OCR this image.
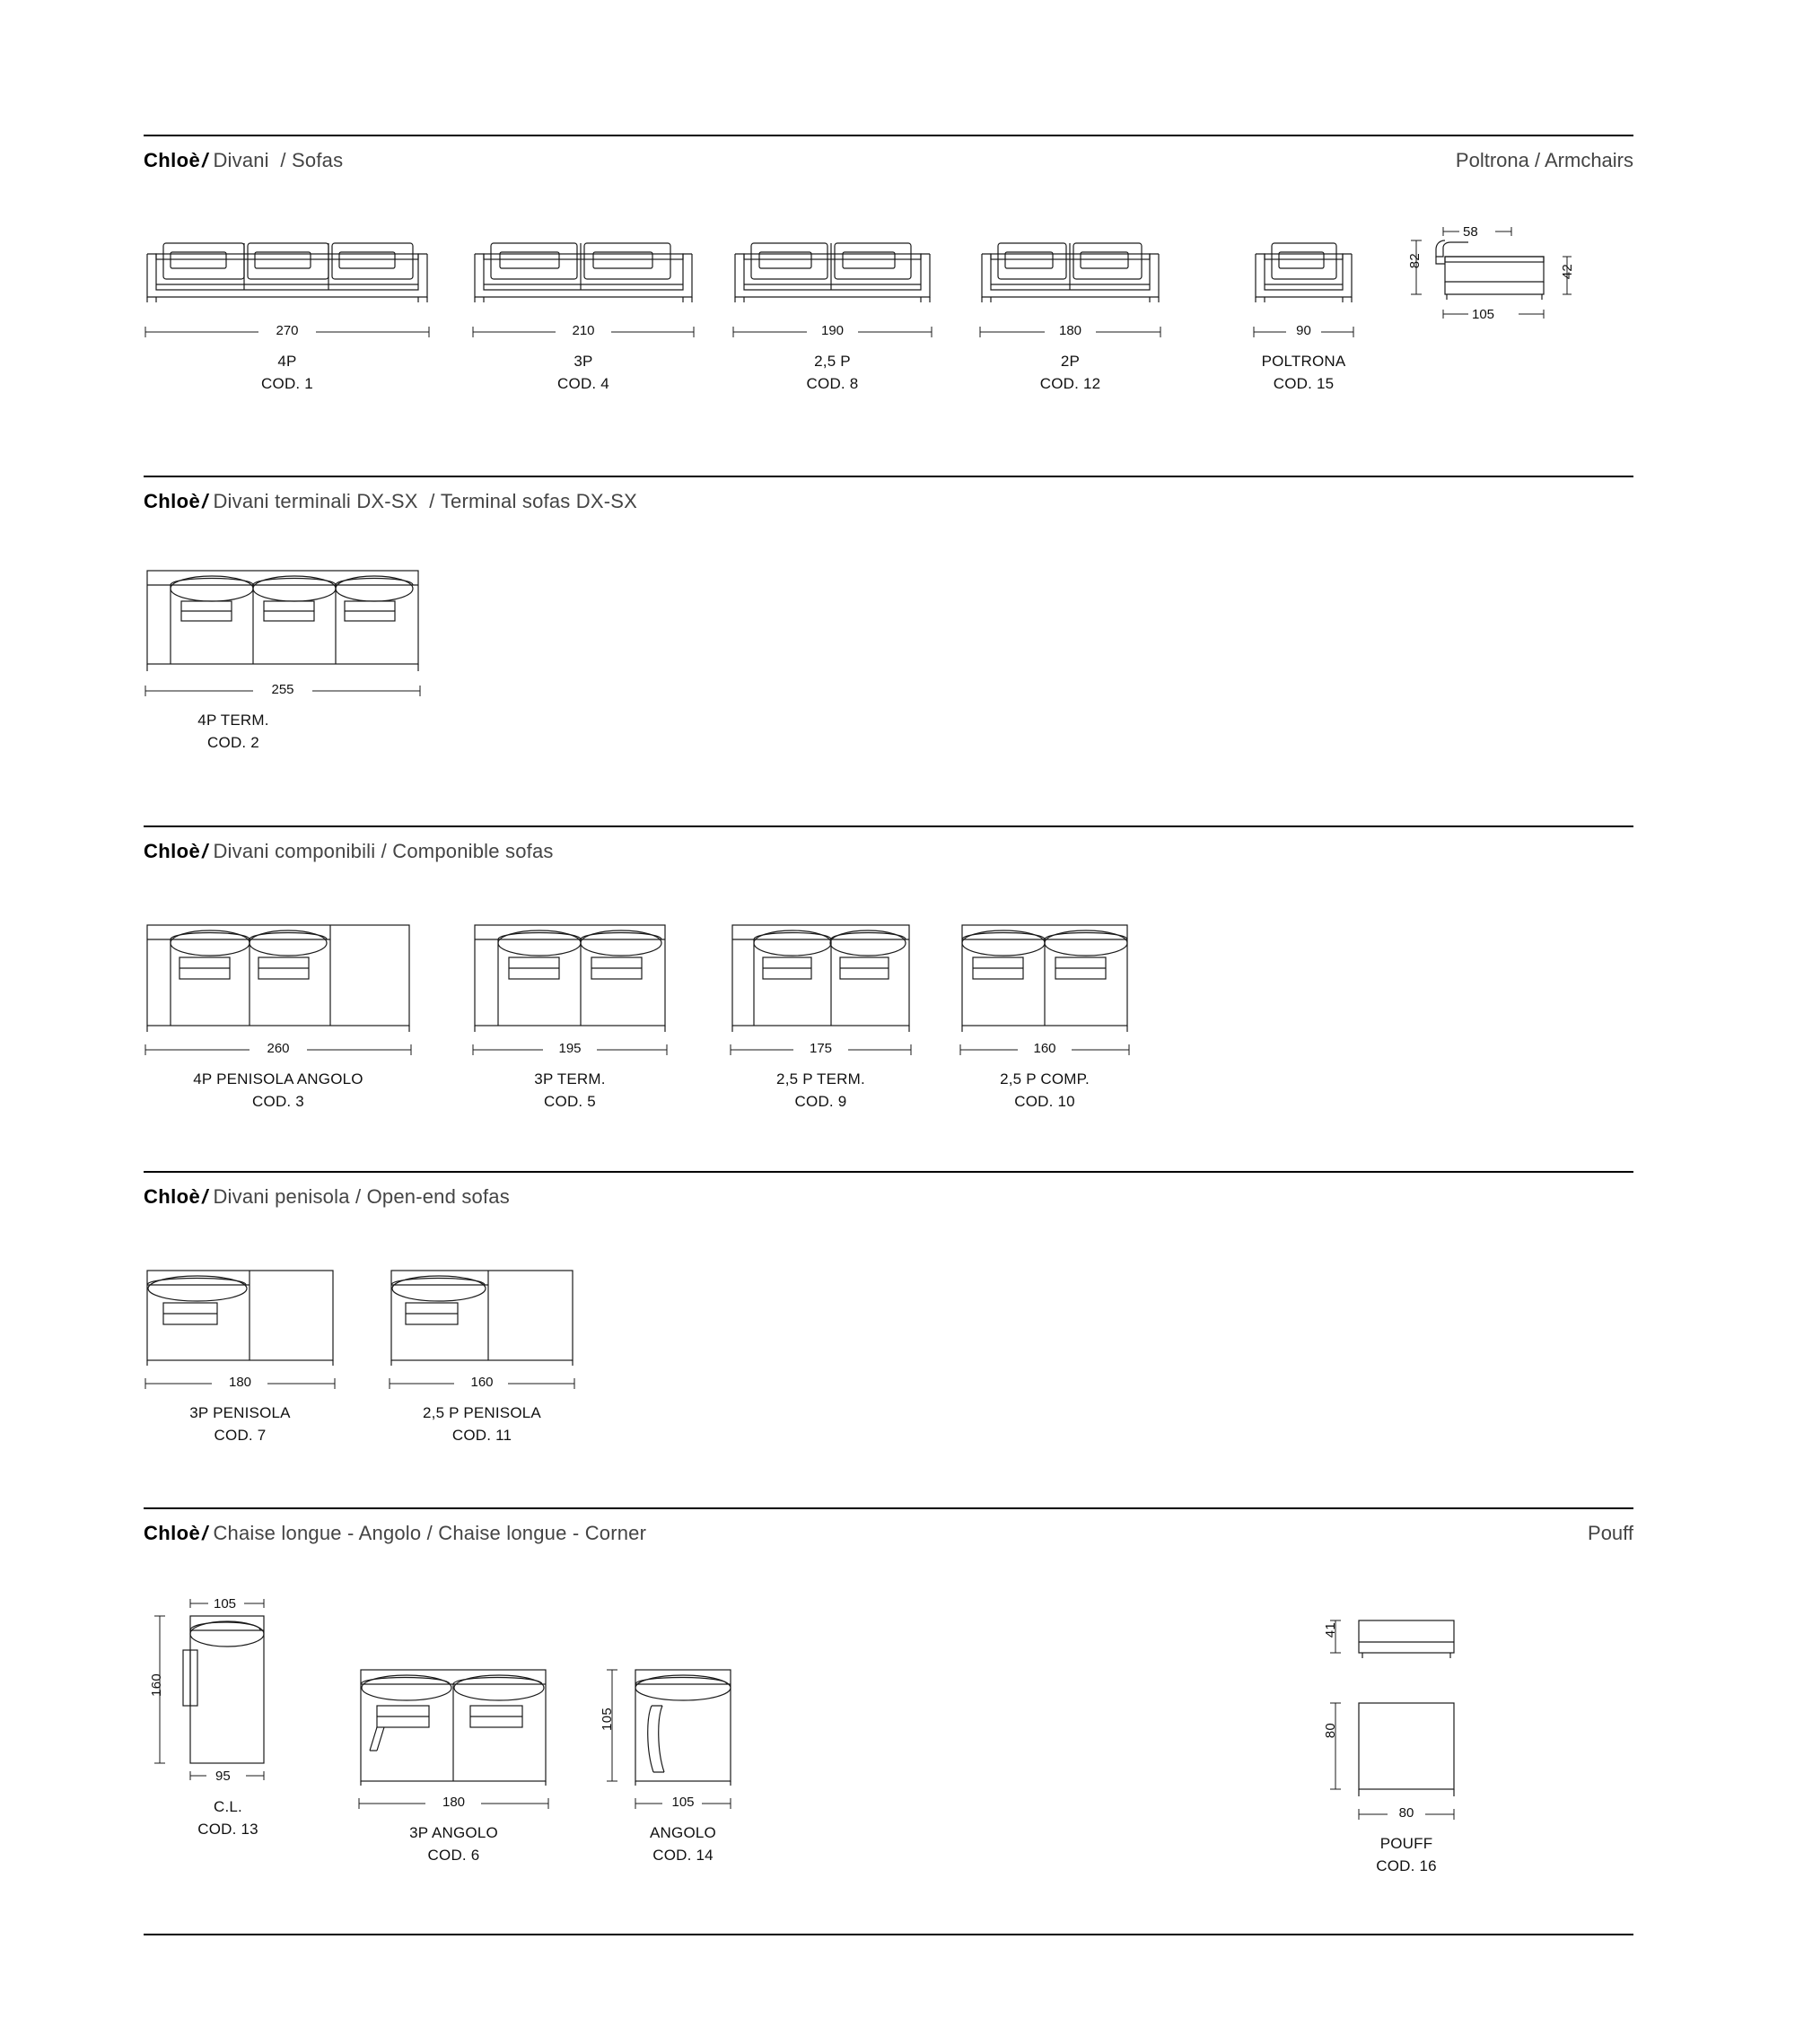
Chloè/ Divani / Sofas	Poltrona / Armchairs
270
4P
COD. 1
210
3P
COD. 4
190
2,5 P
COD. 8
180
2P
COD. 12
90
POLTRONA
COD. 15
82
58
42
105
Chloè/ Divani terminali DX-SX / Terminal sofas DX-SX
255
4P TERM.
COD. 2
Chloè/ Divani componibili / Componible sofas
260
4P PENISOLA ANGOLO
COD. 3
195
3P TERM.
COD. 5
175
2,5 P TERM.
COD. 9
160
2,5 P COMP.
COD. 10
Chloè/ Divani penisola / Open-end sofas
180
3P PENISOLA
COD. 7
160
2,5 P PENISOLA
COD. 11
Chloè/ Chaise longue - Angolo / Chaise longue - Corner	Pouff
105
160
95
C.L.
COD. 13
180
3P ANGOLO
COD. 6
105
105
ANGOLO
COD. 14
41
80
80
POUFF
COD. 16
